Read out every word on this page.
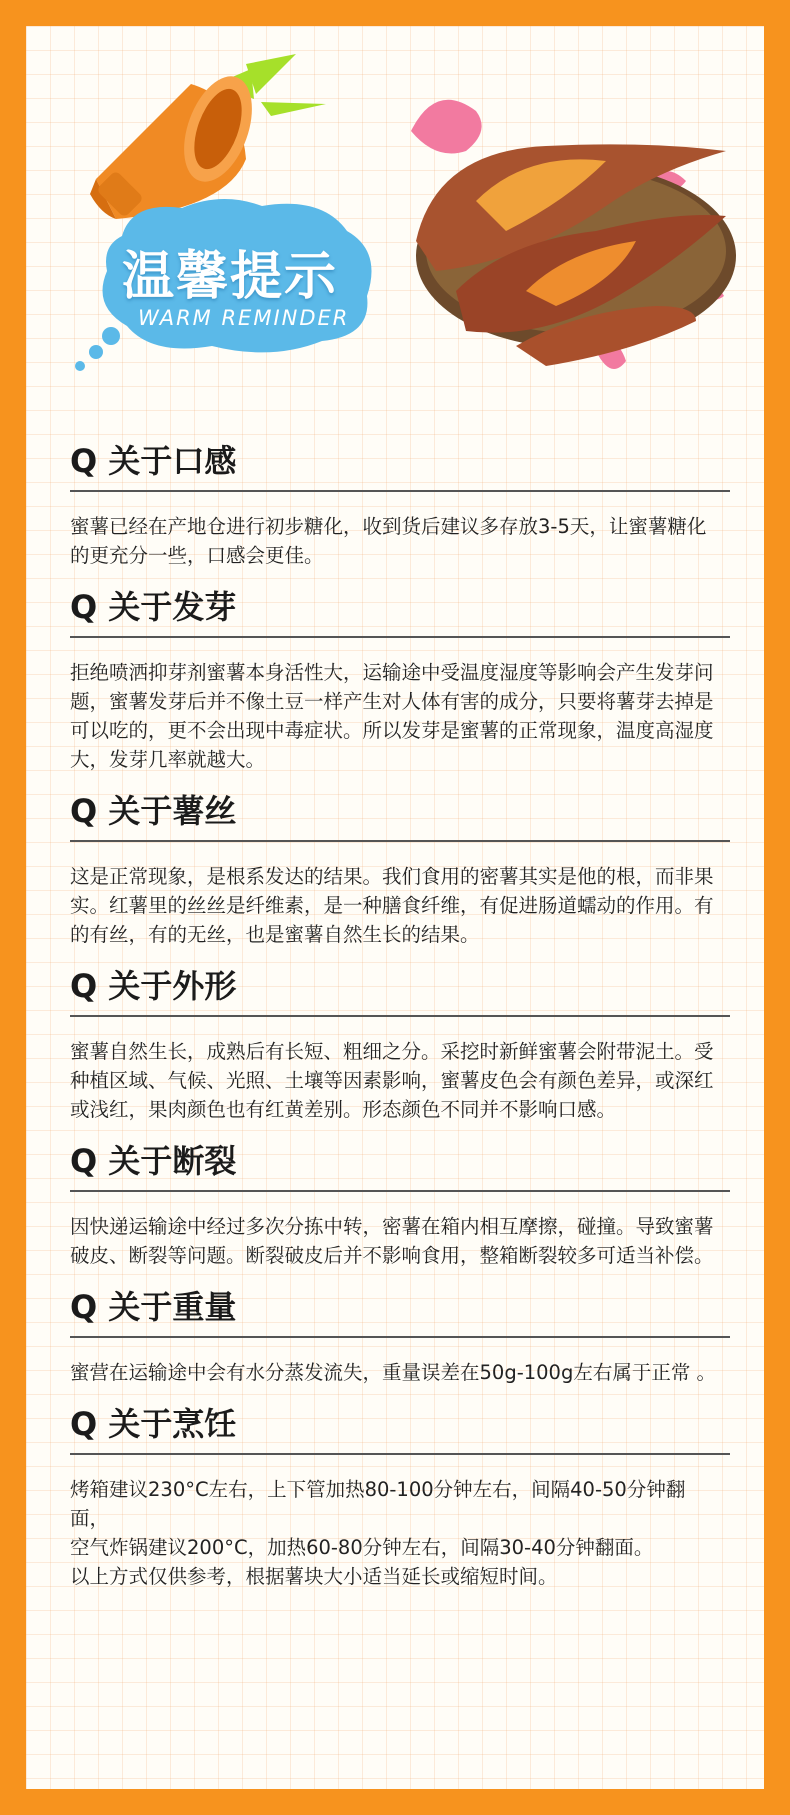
温馨提示
WARM REMINDER
Q 关于口感
蜜薯已经在产地仓进行初步糖化，收到货后建议多存放3-5天，让蜜薯糖化的更充分一些，口感会更佳。
Q 关于发芽
拒绝喷洒抑芽剂蜜薯本身活性大，运输途中受温度湿度等影响会产生发芽问题，蜜薯发芽后并不像土豆一样产生对人体有害的成分，只要将薯芽去掉是可以吃的，更不会出现中毒症状。所以发芽是蜜薯的正常现象，温度高湿度大，发芽几率就越大。
Q 关于薯丝
这是正常现象，是根系发达的结果。我们食用的密薯其实是他的根，而非果实。红薯里的丝丝是纤维素，是一种膳食纤维，有促进肠道蠕动的作用。有的有丝，有的无丝，也是蜜薯自然生长的结果。
Q 关于外形
蜜薯自然生长，成熟后有长短、粗细之分。采挖时新鲜蜜薯会附带泥土。受种植区域、气候、光照、土壤等因素影响，蜜薯皮色会有颜色差异，或深红或浅红，果肉颜色也有红黄差别。形态颜色不同并不影响口感。
Q 关于断裂
因快递运输途中经过多次分拣中转，密薯在箱内相互摩擦，碰撞。导致蜜薯破皮、断裂等问题。断裂破皮后并不影响食用，整箱断裂较多可适当补偿。
Q 关于重量
蜜营在运输途中会有水分蒸发流失，重量误差在50g-100g左右属于正常 。
Q 关于烹饪
烤箱建议230°C左右，上下管加热80-100分钟左右，间隔40-50分钟翻面，
空气炸锅建议200°C，加热60-80分钟左右，间隔30-40分钟翻面。
以上方式仅供参考，根据薯块大小适当延长或缩短时间。
